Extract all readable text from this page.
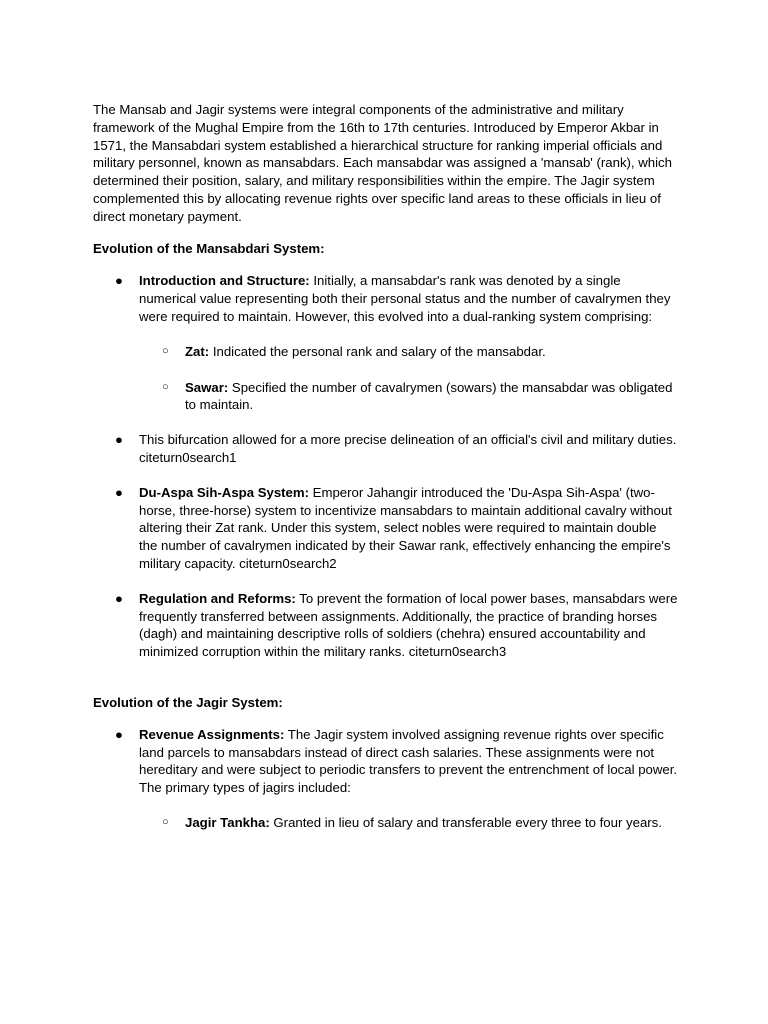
The Mansab and Jagir systems were integral components of the administrative and military framework of the Mughal Empire from the 16th to 17th centuries. Introduced by Emperor Akbar in 1571, the Mansabdari system established a hierarchical structure for ranking imperial officials and military personnel, known as mansabdars. Each mansabdar was assigned a 'mansab' (rank), which determined their position, salary, and military responsibilities within the empire. The Jagir system complemented this by allocating revenue rights over specific land areas to these officials in lieu of direct monetary payment.

Evolution of the Mansabdari System:
● Introduction and Structure: Initially, a mansabdar's rank was denoted by a single numerical value representing both their personal status and the number of cavalrymen they were required to maintain. However, this evolved into a dual-ranking system comprising:

○ Zat: Indicated the personal rank and salary of the mansabdar.

○ Sawar: Specified the number of cavalrymen (sowars) the mansabdar was obligated to maintain.

● This bifurcation allowed for a more precise delineation of an official's civil and military duties. citeturn0search1

● Du-Aspa Sih-Aspa System: Emperor Jahangir introduced the 'Du-Aspa Sih-Aspa' (two-horse, three-horse) system to incentivize mansabdars to maintain additional cavalry without altering their Zat rank. Under this system, select nobles were required to maintain double the number of cavalrymen indicated by their Sawar rank, effectively enhancing the empire's military capacity. citeturn0search2

● Regulation and Reforms: To prevent the formation of local power bases, mansabdars were frequently transferred between assignments. Additionally, the practice of branding horses (dagh) and maintaining descriptive rolls of soldiers (chehra) ensured accountability and minimized corruption within the military ranks. citeturn0search3

Evolution of the Jagir System:
● Revenue Assignments: The Jagir system involved assigning revenue rights over specific land parcels to mansabdars instead of direct cash salaries. These assignments were not hereditary and were subject to periodic transfers to prevent the entrenchment of local power. The primary types of jagirs included:

○ Jagir Tankha: Granted in lieu of salary and transferable every three to four years.
